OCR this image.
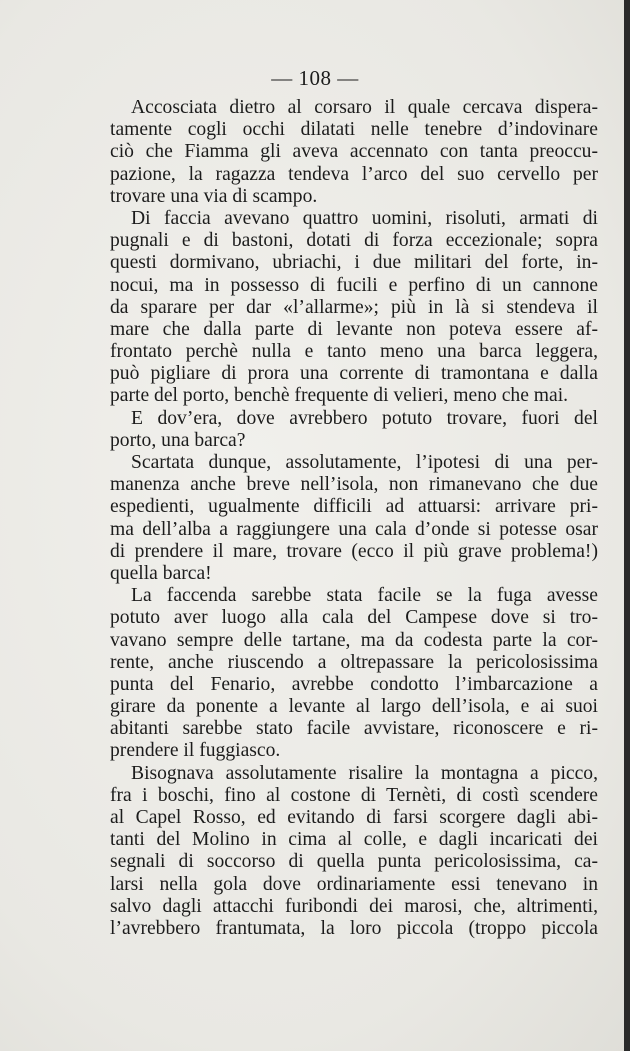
— 108 —
Accosciata dietro al corsaro il quale cercava dispera-
tamente cogli occhi dilatati nelle tenebre d’indovinare
ciò che Fiamma gli aveva accennato con tanta preoccu-
pazione, la ragazza tendeva l’arco del suo cervello per
trovare una via di scampo.
Di faccia avevano quattro uomini, risoluti, armati di
pugnali e di bastoni, dotati di forza eccezionale; sopra
questi dormivano, ubriachi, i due militari del forte, in-
nocui, ma in possesso di fucili e perfino di un cannone
da sparare per dar «l’allarme»; più in là si stendeva il
mare che dalla parte di levante non poteva essere af-
frontato perchè nulla e tanto meno una barca leggera,
può pigliare di prora una corrente di tramontana e dalla
parte del porto, benchè frequente di velieri, meno che mai.
E dov’era, dove avrebbero potuto trovare, fuori del
porto, una barca?
Scartata dunque, assolutamente, l’ipotesi di una per-
manenza anche breve nell’isola, non rimanevano che due
espedienti, ugualmente difficili ad attuarsi: arrivare pri-
ma dell’alba a raggiungere una cala d’onde si potesse osar
di prendere il mare, trovare (ecco il più grave problema!)
quella barca!
La faccenda sarebbe stata facile se la fuga avesse
potuto aver luogo alla cala del Campese dove si tro-
vavano sempre delle tartane, ma da codesta parte la cor-
rente, anche riuscendo a oltrepassare la pericolosissima
punta del Fenario, avrebbe condotto l’imbarcazione a
girare da ponente a levante al largo dell’isola, e ai suoi
abitanti sarebbe stato facile avvistare, riconoscere e ri-
prendere il fuggiasco.
Bisognava assolutamente risalire la montagna a picco,
fra i boschi, fino al costone di Ternèti, di costì scendere
al Capel Rosso, ed evitando di farsi scorgere dagli abi-
tanti del Molino in cima al colle, e dagli incaricati dei
segnali di soccorso di quella punta pericolosissima, ca-
larsi nella gola dove ordinariamente essi tenevano in
salvo dagli attacchi furibondi dei marosi, che, altrimenti,
l’avrebbero frantumata, la loro piccola (troppo piccola
